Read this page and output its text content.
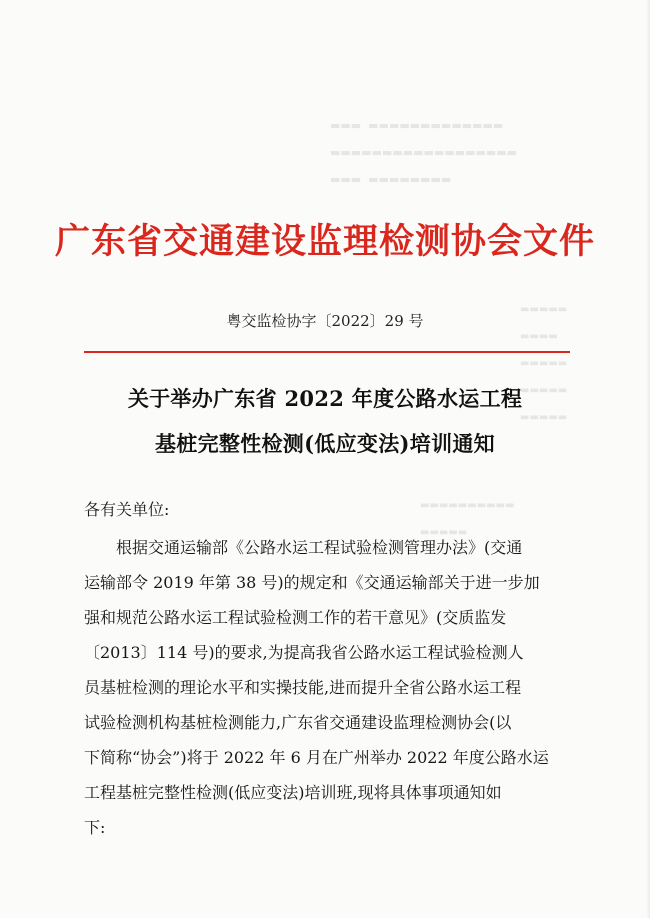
▬▬▬  ▬▬▬▬▬▬▬▬▬▬▬▬▬
▬▬▬▬▬▬▬▬▬▬▬▬▬▬▬▬▬▬
▬▬▬  ▬▬▬▬▬▬▬▬
▬▬▬▬▬
▬▬▬▬
▬▬▬▬▬
▬▬▬▬▬
▬▬▬▬▬
▬▬▬▬▬▬▬▬▬▬
▬▬▬▬▬
广东省交通建设监理检测协会文件
粤交监检协字〔2022〕29 号
关于举办广东省 2022 年度公路水运工程
基桩完整性检测(低应变法)培训通知
各有关单位:
根据交通运输部《公路水运工程试验检测管理办法》(交通
运输部令 2019 年第 38 号)的规定和《交通运输部关于进一步加
强和规范公路水运工程试验检测工作的若干意见》(交质监发
〔2013〕114 号)的要求,为提高我省公路水运工程试验检测人
员基桩检测的理论水平和实操技能,进而提升全省公路水运工程
试验检测机构基桩检测能力,广东省交通建设监理检测协会(以
下简称“协会”)将于 2022 年 6 月在广州举办 2022 年度公路水运
工程基桩完整性检测(低应变法)培训班,现将具体事项通知如
下:
